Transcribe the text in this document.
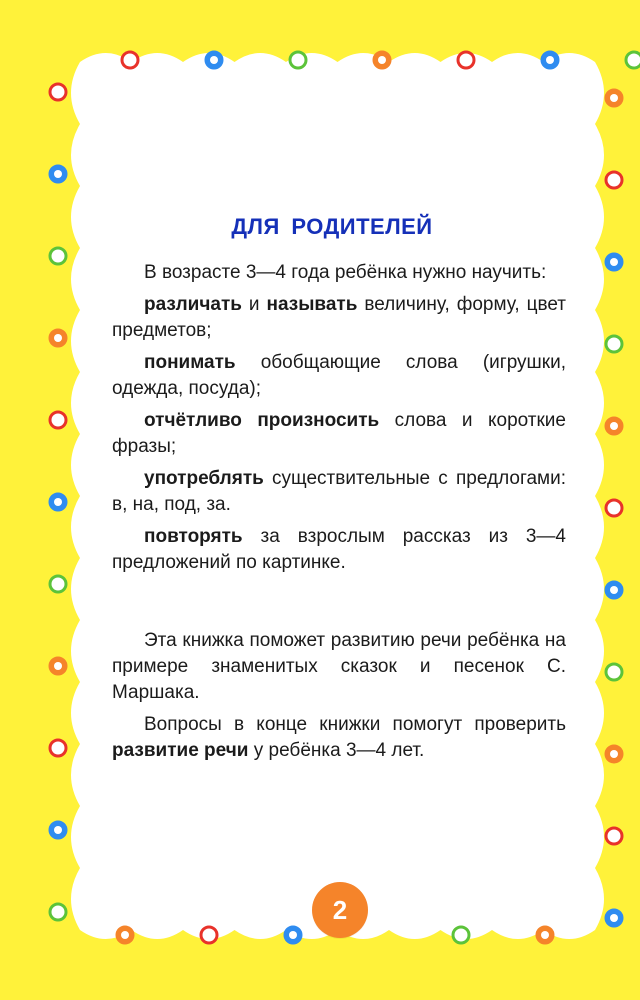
ДЛЯ РОДИТЕЛЕЙ
В возрасте 3—4 года ребёнка нужно научить:
различать и называть величину, форму, цвет предметов;
понимать обобщающие слова (игрушки, одежда, посуда);
отчётливо произносить слова и короткие фразы;
употреблять существительные с предлогами: в, на, под, за.
повторять за взрослым рассказ из 3—4 предложений по картинке.
Эта книжка поможет развитию речи ребёнка на примере знаменитых сказок и песенок С. Маршака.
Вопросы в конце книжки помогут проверить развитие речи у ребёнка 3—4 лет.
2
